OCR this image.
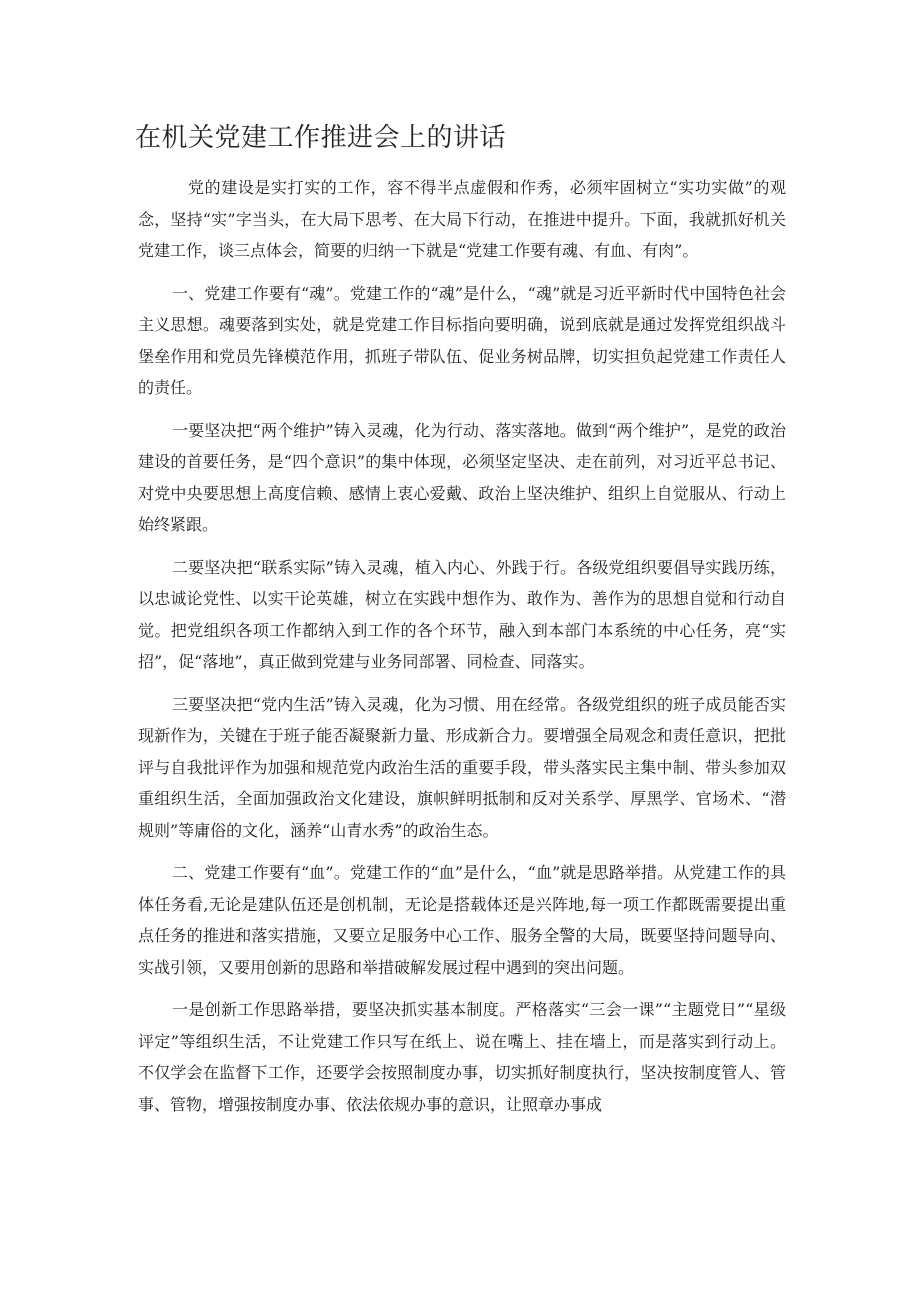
在机关党建工作推进会上的讲话

党的建设是实打实的工作，容不得半点虚假和作秀，必须牢固树立“实功实做”的观念，坚持“实”字当头，在大局下思考、在大局下行动，在推进中提升。下面，我就抓好机关党建工作，谈三点体会，简要的归纳一下就是“党建工作要有魂、有血、有肉”。

一、党建工作要有“魂”。党建工作的“魂”是什么，“魂”就是习近平新时代中国特色社会主义思想。魂要落到实处，就是党建工作目标指向要明确，说到底就是通过发挥党组织战斗堡垒作用和党员先锋模范作用，抓班子带队伍、促业务树品牌，切实担负起党建工作责任人的责任。

一要坚决把“两个维护”铸入灵魂，化为行动、落实落地。做到“两个维护”，是党的政治建设的首要任务，是“四个意识”的集中体现，必须坚定坚决、走在前列，对习近平总书记、对党中央要思想上高度信赖、感情上衷心爱戴、政治上坚决维护、组织上自觉服从、行动上始终紧跟。

二要坚决把“联系实际”铸入灵魂，植入内心、外践于行。各级党组织要倡导实践历练，以忠诚论党性、以实干论英雄，树立在实践中想作为、敢作为、善作为的思想自觉和行动自觉。把党组织各项工作都纳入到工作的各个环节，融入到本部门本系统的中心任务，亮“实招”，促“落地”，真正做到党建与业务同部署、同检查、同落实。

三要坚决把“党内生活”铸入灵魂，化为习惯、用在经常。各级党组织的班子成员能否实现新作为，关键在于班子能否凝聚新力量、形成新合力。要增强全局观念和责任意识，把批评与自我批评作为加强和规范党内政治生活的重要手段，带头落实民主集中制、带头参加双重组织生活，全面加强政治文化建设，旗帜鲜明抵制和反对关系学、厚黑学、官场术、“潜规则”等庸俗的文化，涵养“山青水秀”的政治生态。

二、党建工作要有“血”。党建工作的“血”是什么，“血”就是思路举措。从党建工作的具体任务看,无论是建队伍还是创机制，无论是搭载体还是兴阵地,每一项工作都既需要提出重点任务的推进和落实措施，又要立足服务中心工作、服务全警的大局，既要坚持问题导向、实战引领，又要用创新的思路和举措破解发展过程中遇到的突出问题。

一是创新工作思路举措，要坚决抓实基本制度。严格落实“三会一课”“主题党日”“星级评定”等组织生活，不让党建工作只写在纸上、说在嘴上、挂在墙上，而是落实到行动上。不仅学会在监督下工作，还要学会按照制度办事，切实抓好制度执行，坚决按制度管人、管事、管物，增强按制度办事、依法依规办事的意识，让照章办事成
